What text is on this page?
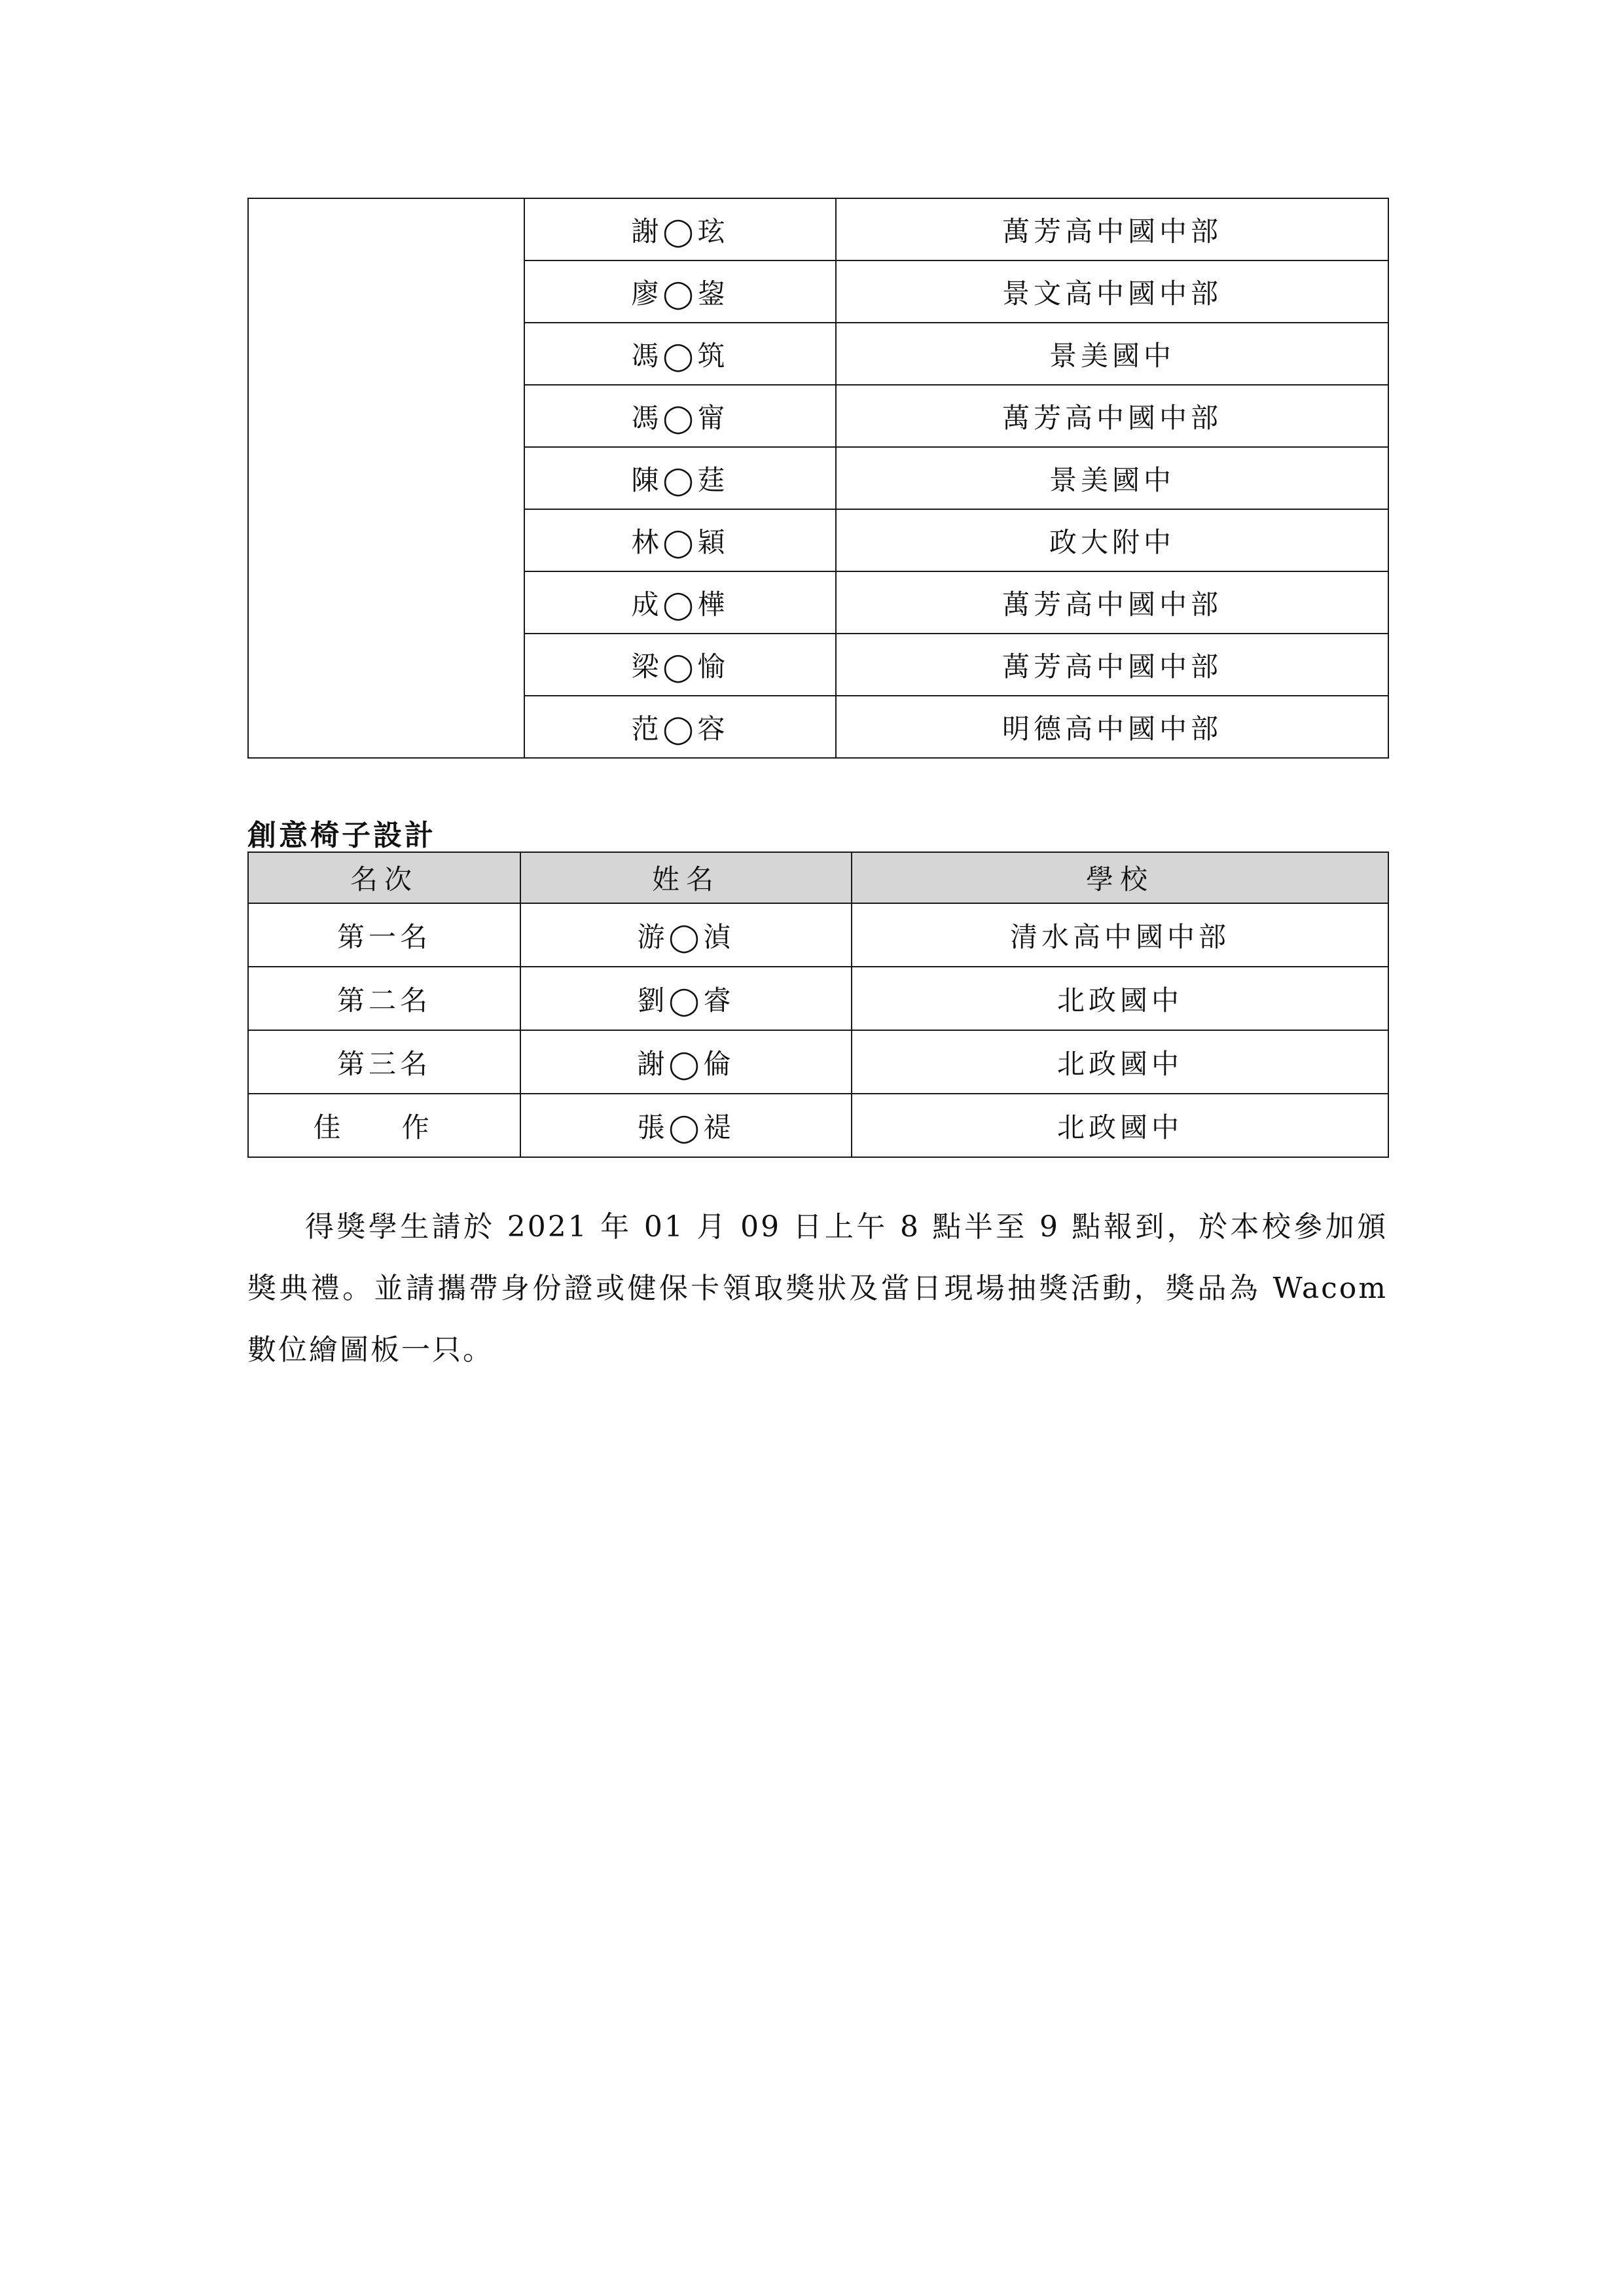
	謝◯玹	萬芳高中國中部
	廖◯鋆	景文高中國中部
	馮◯筑	景美國中
	馮◯甯	萬芳高中國中部
	陳◯莛	景美國中
	林◯穎	政大附中
	成◯樺	萬芳高中國中部
	梁◯愉	萬芳高中國中部
	范◯容	明德高中國中部
創意椅子設計
名次	姓名	學校
第一名	游◯湞	清水高中國中部
第二名	劉◯睿	北政國中
第三名	謝◯倫	北政國中
佳 作	張◯禔	北政國中

得獎學生請於 2021 年 01 月 09 日上午 8 點半至 9 點報到，於本校參加頒獎典禮。並請攜帶身份證或健保卡領取獎狀及當日現場抽獎活動，獎品為 Wacom 數位繪圖板一只。
